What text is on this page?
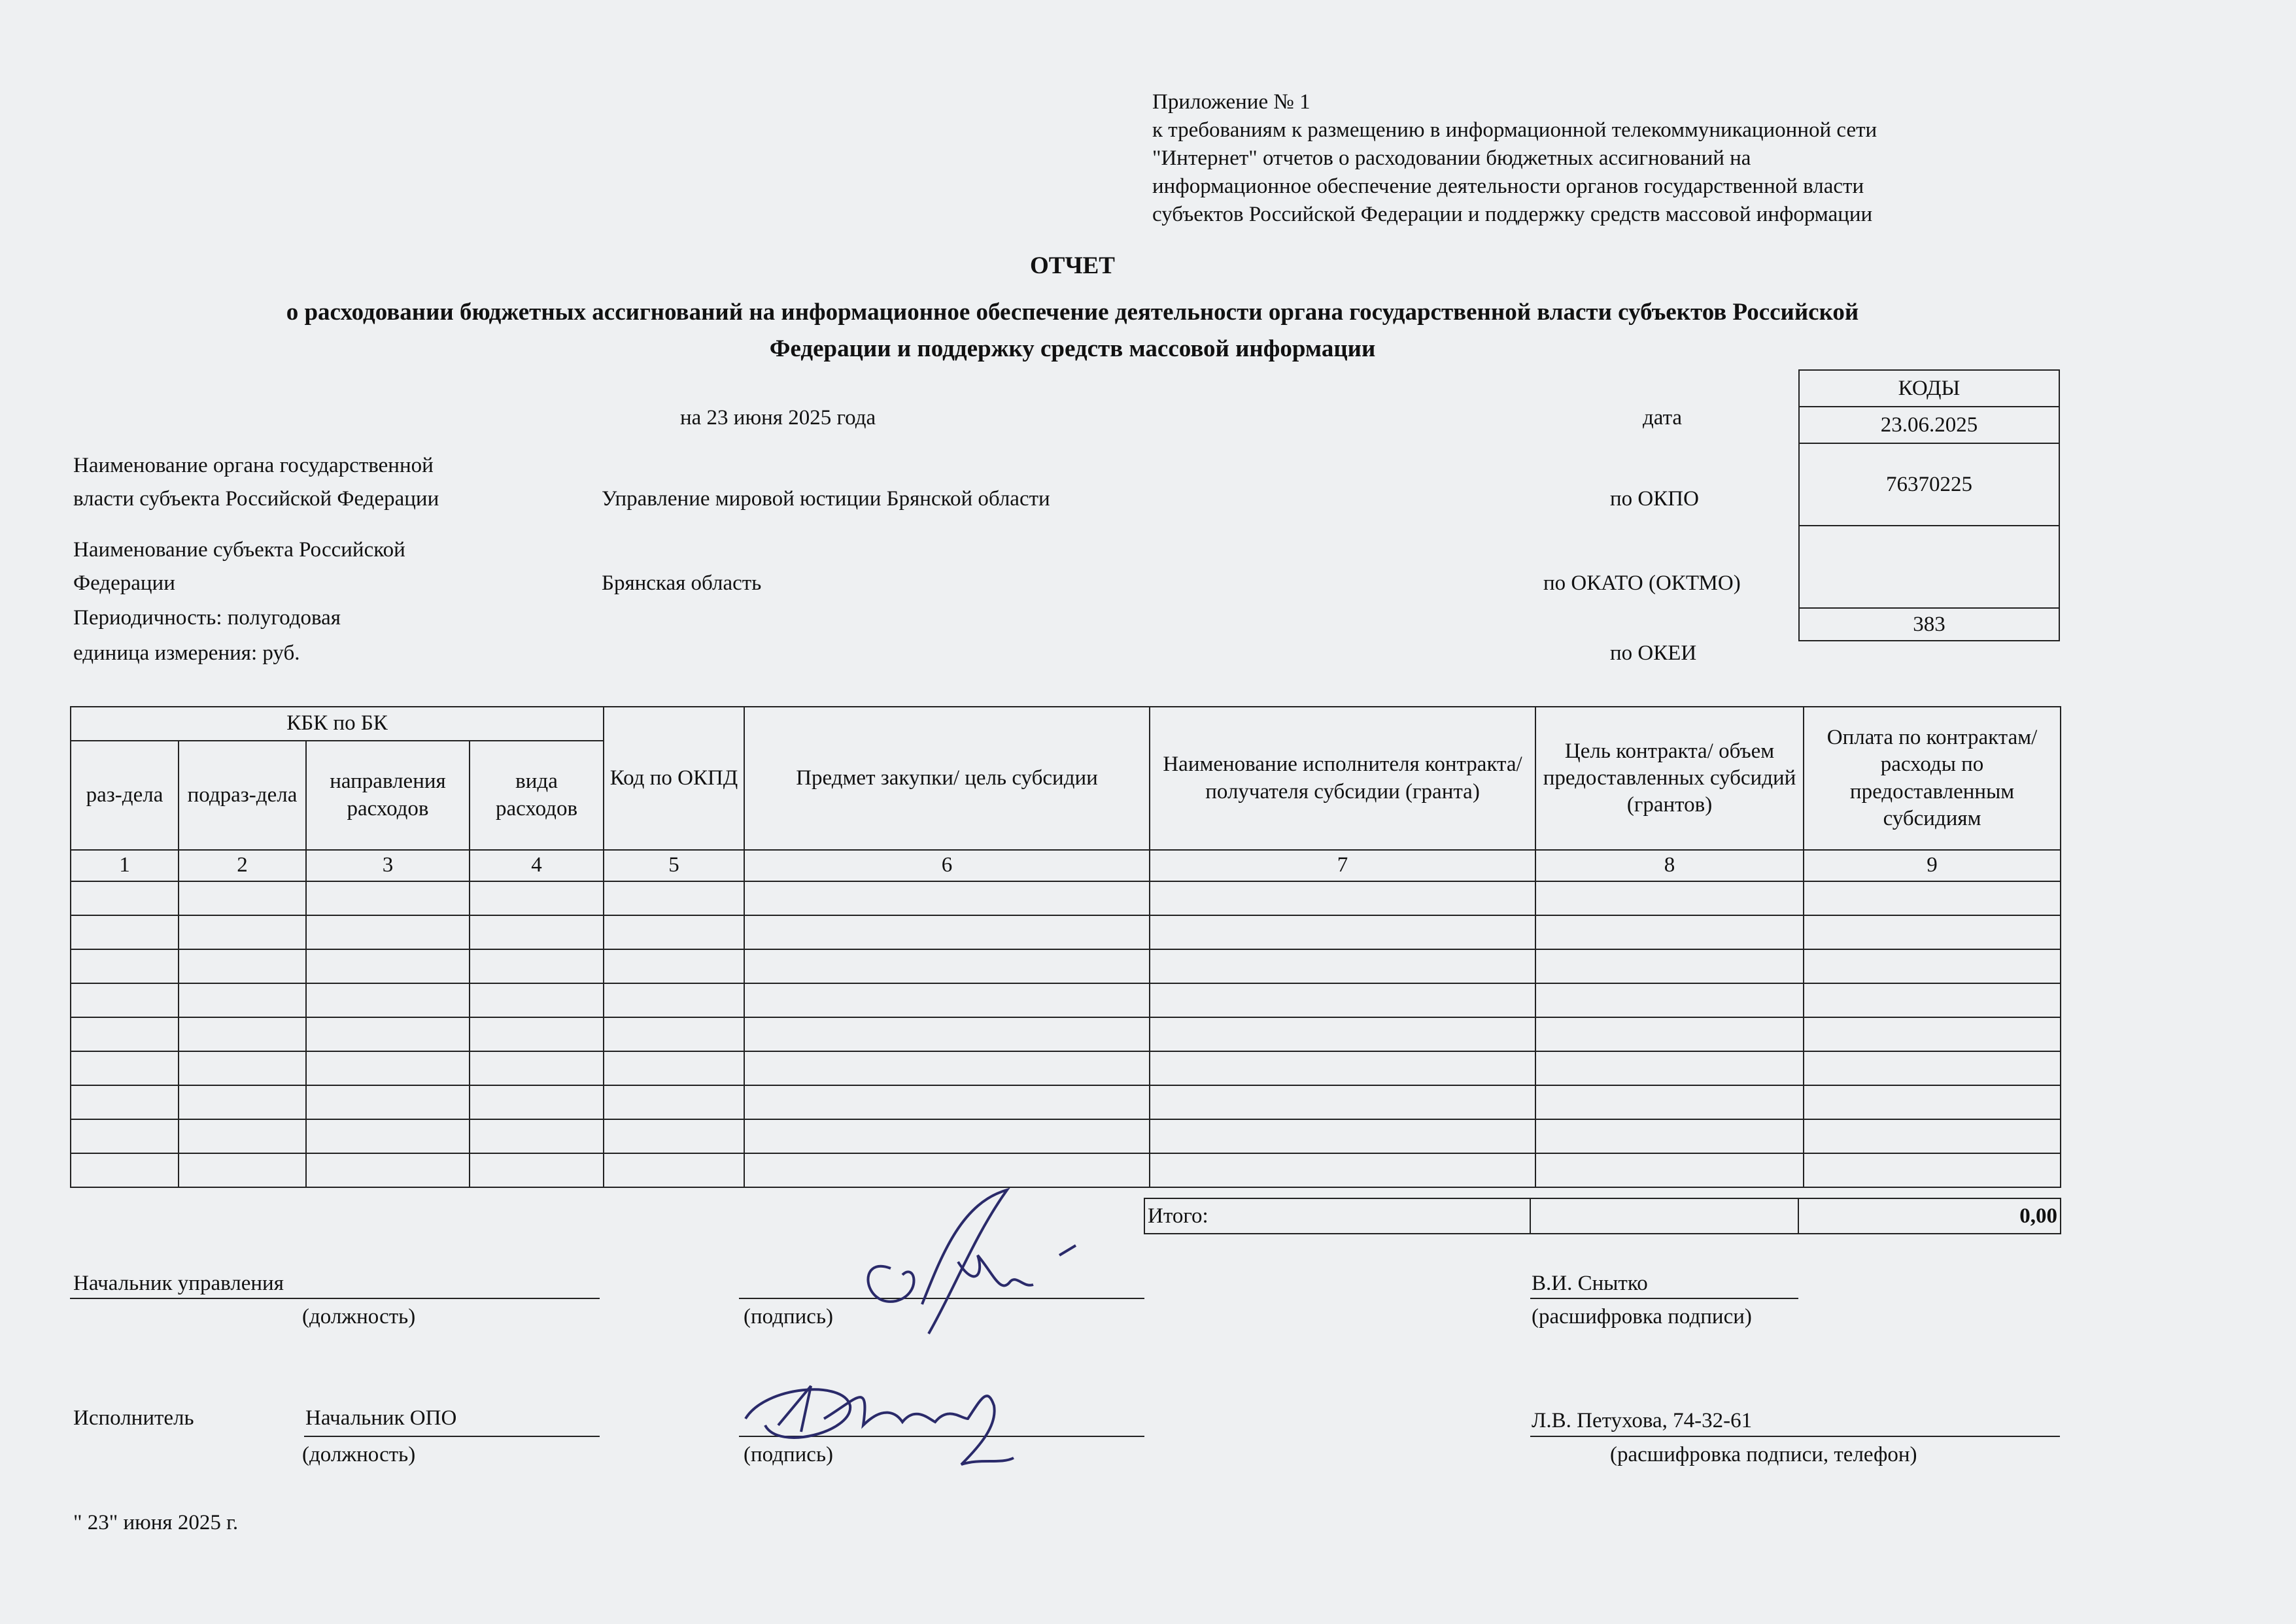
Приложение № 1
к требованиям к размещению в информационной телекоммуникационной сети
"Интернет" отчетов о расходовании бюджетных ассигнований на
информационное обеспечение деятельности органов государственной власти
субъектов Российской Федерации и поддержку средств массовой информации
ОТЧЕТ
о расходовании бюджетных ассигнований на информационное обеспечение деятельности органа государственной власти субъектов Российской
Федерации и поддержку средств массовой информации
КОДЫ
23.06.2025
76370225

383
на 23 июня 2025 года	дата
Наименование органа государственной
власти субъекта Российской Федерации	Управление мировой юстиции Брянской области	по ОКПО
Наименование субъекта Российской
Федерации	Брянская область	по ОКАТО (ОКТМО)
Периодичность: полугодовая
единица измерения: руб.	по ОКЕИ
КБК по БК				Код по ОКПД	Предмет закупки/ цель субсидии	Наименование исполнителя контракта/ получателя субсидии (гранта)	Цель контракта/ объем предоставленных субсидий (грантов)	Оплата по контрактам/расходы по предоставленным субсидиям
раз-дела	подраз-дела	направления расходов	вида расходов					
1	2	3	4	5	6	7	8	9

Итого:		0,00
Начальник управления
(должность)	(подпись)
В.И. Снытко
(расшифровка подписи)
Исполнитель	Начальник ОПО
(должность)	(подпись)
Л.В. Петухова, 74-32-61
(расшифровка подписи, телефон)
" 23" июня 2025 г.
